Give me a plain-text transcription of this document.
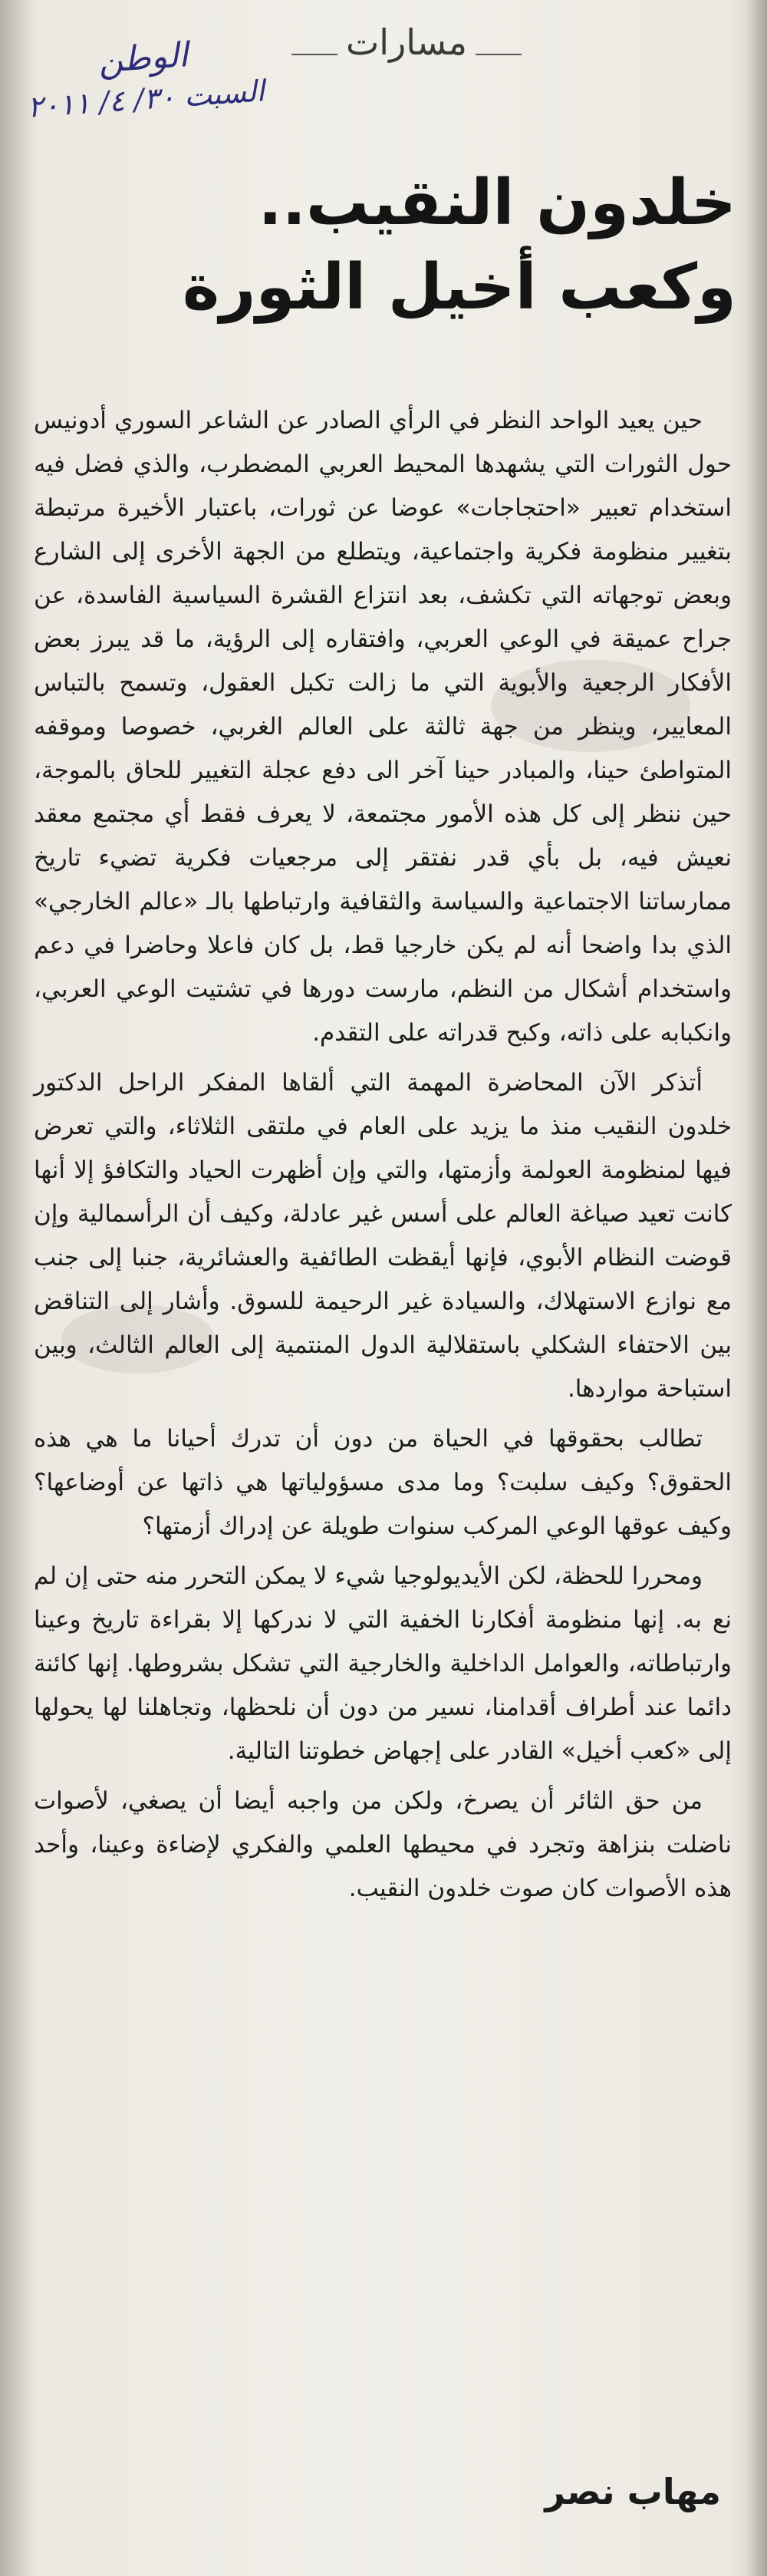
مسارات
الوطن
السبت ٣٠/ ٤/ ٢٠١١
خلدون النقيب..
وكعب أخيل الثورة

حين يعيد الواحد النظر في الرأي الصادر عن الشاعر السوري أدونيس حول الثورات التي يشهدها المحيط العربي المضطرب، والذي فضل فيه استخدام تعبير «احتجاجات» عوضا عن ثورات، باعتبار الأخيرة مرتبطة بتغيير منظومة فكرية واجتماعية، ويتطلع من الجهة الأخرى إلى الشارع وبعض توجهاته التي تكشف، بعد انتزاع القشرة السياسية الفاسدة، عن جراح عميقة في الوعي العربي، وافتقاره إلى الرؤية، ما قد يبرز بعض الأفكار الرجعية والأبوية التي ما زالت تكبل العقول، وتسمح بالتباس المعايير، وينظر من جهة ثالثة على العالم الغربي، خصوصا وموقفه المتواطئ حينا، والمبادر حينا آخر الى دفع عجلة التغيير للحاق بالموجة، حين ننظر إلى كل هذه الأمور مجتمعة، لا يعرف فقط أي مجتمع معقد نعيش فيه، بل بأي قدر نفتقر إلى مرجعيات فكرية تضيء تاريخ ممارساتنا الاجتماعية والسياسة والثقافية وارتباطها بالـ «عالم الخارجي» الذي بدا واضحا أنه لم يكن خارجيا قط، بل كان فاعلا وحاضرا في دعم واستخدام أشكال من النظم، مارست دورها في تشتيت الوعي العربي، وانكبابه على ذاته، وكبح قدراته على التقدم.

أتذكر الآن المحاضرة المهمة التي ألقاها المفكر الراحل الدكتور خلدون النقيب منذ ما يزيد على العام في ملتقى الثلاثاء، والتي تعرض فيها لمنظومة العولمة وأزمتها، والتي وإن أظهرت الحياد والتكافؤ إلا أنها كانت تعيد صياغة العالم على أسس غير عادلة، وكيف أن الرأسمالية وإن قوضت النظام الأبوي، فإنها أيقظت الطائفية والعشائرية، جنبا إلى جنب مع نوازع الاستهلاك، والسيادة غير الرحيمة للسوق. وأشار إلى التناقض بين الاحتفاء الشكلي باستقلالية الدول المنتمية إلى العالم الثالث، وبين استباحة مواردها.

تطالب بحقوقها في الحياة من دون أن تدرك أحيانا ما هي هذه الحقوق؟ وكيف سلبت؟ وما مدى مسؤولياتها هي ذاتها عن أوضاعها؟ وكيف عوقها الوعي المركب سنوات طويلة عن إدراك أزمتها؟

ومحررا للحظة، لكن الأيديولوجيا شيء لا يمكن التحرر منه حتى إن لم نع به. إنها منظومة أفكارنا الخفية التي لا ندركها إلا بقراءة تاريخ وعينا وارتباطاته، والعوامل الداخلية والخارجية التي تشكل بشروطها. إنها كائنة دائما عند أطراف أقدامنا، نسير من دون أن نلحظها، وتجاهلنا لها يحولها إلى «كعب أخيل» القادر على إجهاض خطوتنا التالية.

من حق الثائر أن يصرخ، ولكن من واجبه أيضا أن يصغي، لأصوات ناضلت بنزاهة وتجرد في محيطها العلمي والفكري لإضاءة وعينا، وأحد هذه الأصوات كان صوت خلدون النقيب.

مهاب نصر
